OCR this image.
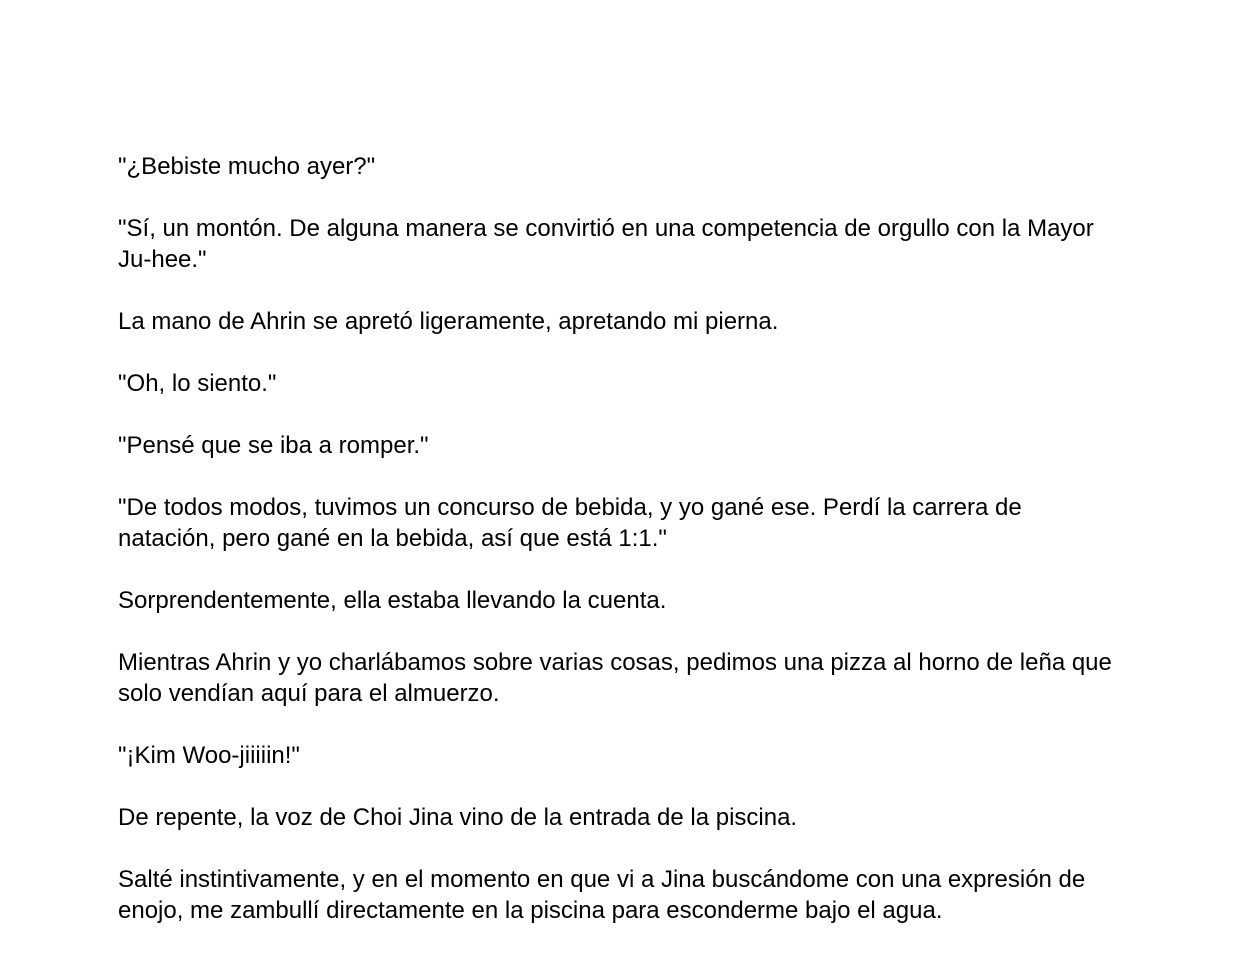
"¿Bebiste mucho ayer?"

"Sí, un montón. De alguna manera se convirtió en una competencia de orgullo con la Mayor Ju-hee."

La mano de Ahrin se apretó ligeramente, apretando mi pierna.

"Oh, lo siento."

"Pensé que se iba a romper."

"De todos modos, tuvimos un concurso de bebida, y yo gané ese. Perdí la carrera de natación, pero gané en la bebida, así que está 1:1."

Sorprendentemente, ella estaba llevando la cuenta.

Mientras Ahrin y yo charlábamos sobre varias cosas, pedimos una pizza al horno de leña que solo vendían aquí para el almuerzo.

"¡Kim Woo-jiiiiin!"

De repente, la voz de Choi Jina vino de la entrada de la piscina.

Salté instintivamente, y en el momento en que vi a Jina buscándome con una expresión de enojo, me zambullí directamente en la piscina para esconderme bajo el agua.
